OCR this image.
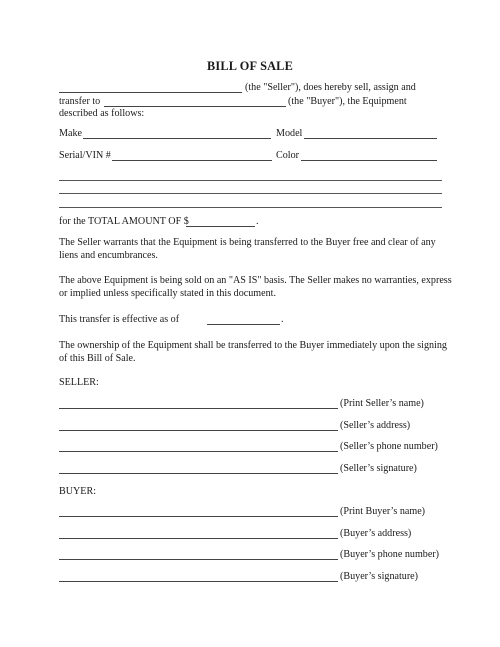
BILL OF SALE
(the "Seller"), does hereby sell, assign and
transfer to	(the "Buyer"), the Equipment
described as follows:
Make	Model
Serial/VIN #	Color
for the TOTAL AMOUNT OF $	.
The Seller warrants that the Equipment is being transferred to the Buyer free and clear of any
liens and encumbrances.
The above Equipment is being sold on an "AS IS" basis. The Seller makes no warranties, express
or implied unless specifically stated in this document.
This transfer is effective as of	.
The ownership of the Equipment shall be transferred to the Buyer immediately upon the signing
of this Bill of Sale.
SELLER:
(Print Seller’s name)
(Seller’s address)
(Seller’s phone number)
(Seller’s signature)
BUYER:
(Print Buyer’s name)
(Buyer’s address)
(Buyer’s phone number)
(Buyer’s signature)
